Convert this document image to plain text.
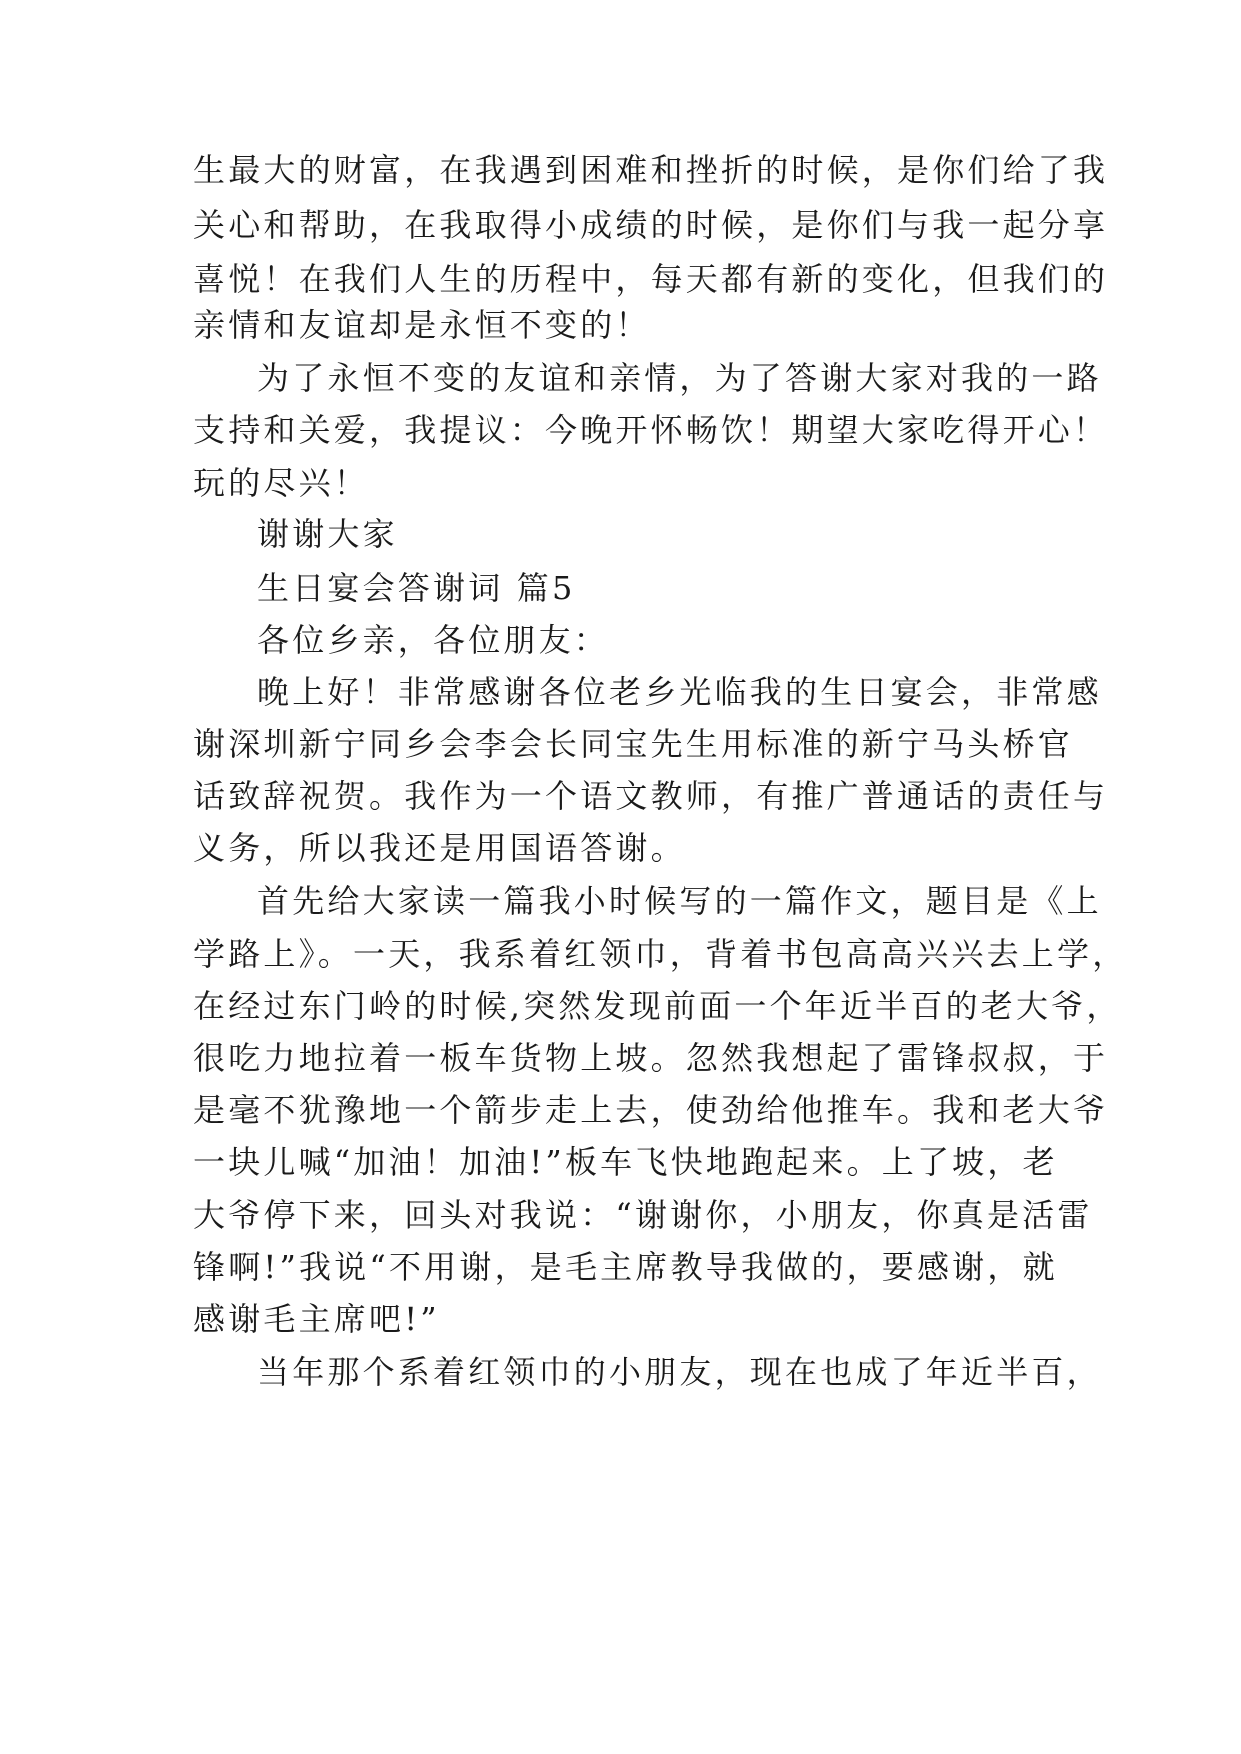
生最大的财富，在我遇到困难和挫折的时候，是你们给了我
关心和帮助，在我取得小成绩的时候，是你们与我一起分享
喜悦！在我们人生的历程中，每天都有新的变化，但我们的
亲情和友谊却是永恒不变的！
为了永恒不变的友谊和亲情，为了答谢大家对我的一路
支持和关爱，我提议：今晚开怀畅饮！期望大家吃得开心！
玩的尽兴！
谢谢大家
生日宴会答谢词 篇5
各位乡亲，各位朋友：
晚上好！非常感谢各位老乡光临我的生日宴会，非常感
谢深圳新宁同乡会李会长同宝先生用标准的新宁马头桥官
话致辞祝贺。我作为一个语文教师，有推广普通话的责任与
义务，所以我还是用国语答谢。
首先给大家读一篇我小时候写的一篇作文，题目是《上
学路上》。一天，我系着红领巾，背着书包高高兴兴去上学，
在经过东门岭的时候,突然发现前面一个年近半百的老大爷，
很吃力地拉着一板车货物上坡。忽然我想起了雷锋叔叔，于
是毫不犹豫地一个箭步走上去，使劲给他推车。我和老大爷
一块儿喊“加油！加油!”板车飞快地跑起来。上了坡，老
大爷停下来，回头对我说：“谢谢你，小朋友，你真是活雷
锋啊!”我说“不用谢，是毛主席教导我做的，要感谢，就
感谢毛主席吧!”
当年那个系着红领巾的小朋友，现在也成了年近半百，
